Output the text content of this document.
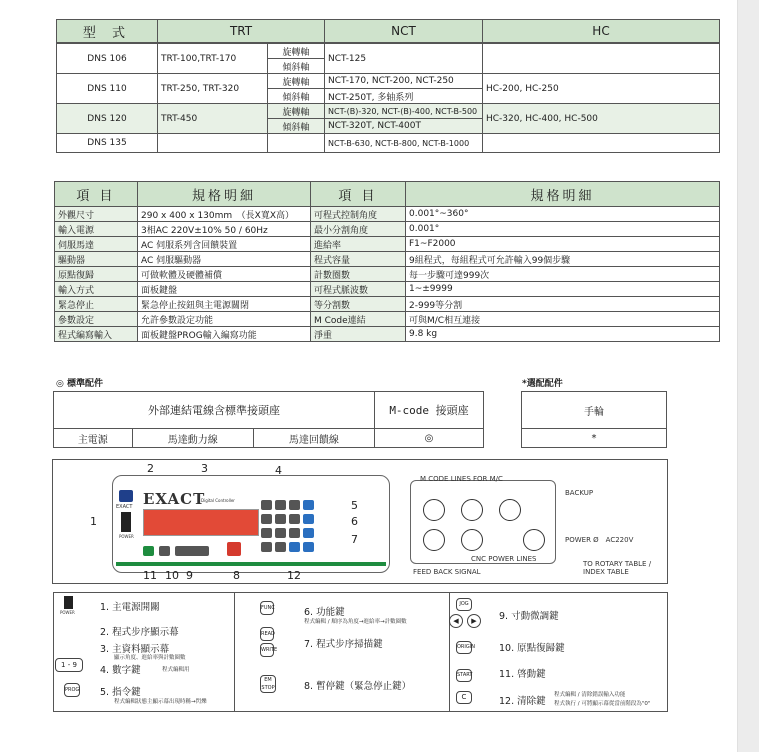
型 式	TRT		NCT	HC
DNS 106	TRT-100,TRT-170	旋轉軸	NCT-125	
		傾斜軸		
DNS 110	TRT-250, TRT-320	旋轉軸	NCT-170, NCT-200, NCT-250	HC-200, HC-250
		傾斜軸	NCT-250T, 多轴系列	
DNS 120	TRT-450	旋轉軸	NCT-(B)-320, NCT-(B)-400, NCT-B-500	HC-320, HC-400, HC-500
		傾斜軸	NCT-320T, NCT-400T	
DNS 135			NCT-B-630, NCT-B-800, NCT-B-1000	
項 目	規格明細	項 目	規格明細
外觀尺寸	290 x 400 x 130mm　（長X寬X高）	可程式控制角度	0.001°~360°
輸入電源	3相AC 220V±10% 50 / 60Hz	最小分割角度	0.001°
伺服馬達	AC 伺服系列含回饋裝置	進給率	F1~F2000
驅動器	AC 伺服驅動器	程式容量	9組程式，每組程式可允許輸入99個步驟
原點復歸	可做軟體及硬體補償	計數圈數	每一步驟可達999次
輸入方式	面板鍵盤	可程式脈波數	1~±9999
緊急停止	緊急停止按鈕與主電源關閉	等分割數	2-999等分割
參數設定	允許參數設定功能	M Code連結	可與M/C相互連接
程式編寫輸入	面板鍵盤PROG輸入編寫功能	淨重	9.8 kg
◎ 標準配件	*選配配件
外部連結電線含標準接頭座			M-code 接頭座
主電源	馬達動力線	馬達回饋線	◎
手輪
*
EXACT EXACT
Digital Controller
POWER
1
2	3	4
5
6
7
11 10 9	8	12
M CODE LINES FOR M/C
BACKUP
POWER Ø　AC220V
CNC POWER LINES
FEED BACK SIGNAL
TO ROTARY TABLE /
INDEX TABLE
POWER
1 - 9
PROG
1. 主電源開關
2. 程式步序顯示幕
3. 主資料顯示幕
顯示角度、進給率與計數圈數
4. 數字鍵	程式編輯用
5. 指令鍵
程式編輯狀態主顯示幕出現時稱→閃爍
FUNC
READ
WRITE
EM STOP
6. 功能鍵
程式編輯 / 順序為角度→進給率→計數圈數
7. 程式步序掃描鍵
8. 暫停鍵（緊急停止鍵）
JOG
◀	▶
ORIGIN
START
C
9. 寸動微調鍵
10. 原點復歸鍵
11. 啓動鍵
12. 清除鍵
程式編輯 / 清除錯誤輸入功能
程式執行 / 可將顯示幕從當前階段為"0"
